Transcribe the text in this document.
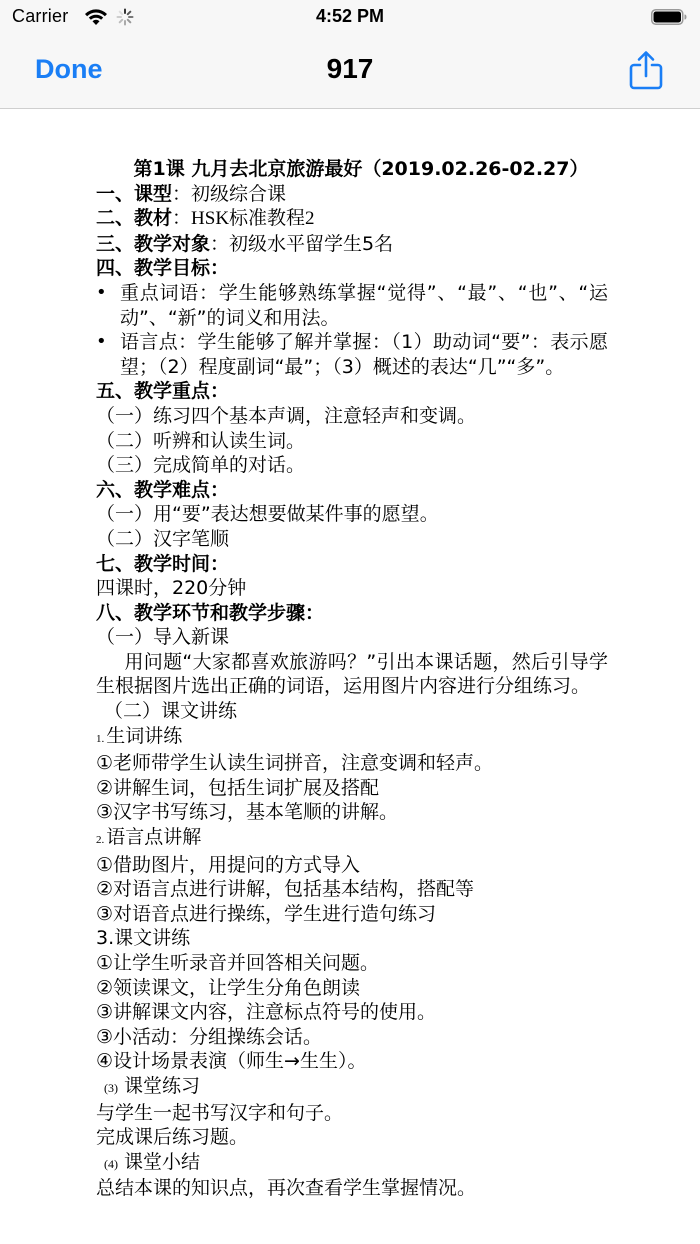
Carrier	4:52 PM
Done	917
第1课 九月去北京旅游最好（2019.02.26-02.27）
一、课型：初级综合课
二、教材：HSK标准教程2
三、教学对象：初级水平留学生5名
四、教学目标：
• 重点词语：学生能够熟练掌握“觉得”、“最”、“也”、“运动”、“新”的词义和用法。
• 语言点：学生能够了解并掌握：（1）助动词“要”：表示愿望；（2）程度副词“最”；（3）概述的表达“几”“多”。
五、教学重点：
（一）练习四个基本声调，注意轻声和变调。
（二）听辨和认读生词。
（三）完成简单的对话。
六、教学难点：
（一）用“要”表达想要做某件事的愿望。
（二）汉字笔顺
七、教学时间：
四课时，220分钟
八、教学环节和教学步骤：
（一）导入新课
用问题“大家都喜欢旅游吗？”引出本课话题，然后引导学生根据图片选出正确的词语，运用图片内容进行分组练习。
（二）课文讲练
1. 生词讲练
①老师带学生认读生词拼音，注意变调和轻声。
②讲解生词，包括生词扩展及搭配
③汉字书写练习，基本笔顺的讲解。
2. 语言点讲解
①借助图片，用提问的方式导入
②对语言点进行讲解，包括基本结构，搭配等
③对语音点进行操练，学生进行造句练习
3.课文讲练
①让学生听录音并回答相关问题。
②领读课文，让学生分角色朗读
③讲解课文内容，注意标点符号的使用。
③小活动：分组操练会话。
④设计场景表演（师生→生生）。
(3) 课堂练习
与学生一起书写汉字和句子。
完成课后练习题。
(4) 课堂小结
总结本课的知识点，再次查看学生掌握情况。
